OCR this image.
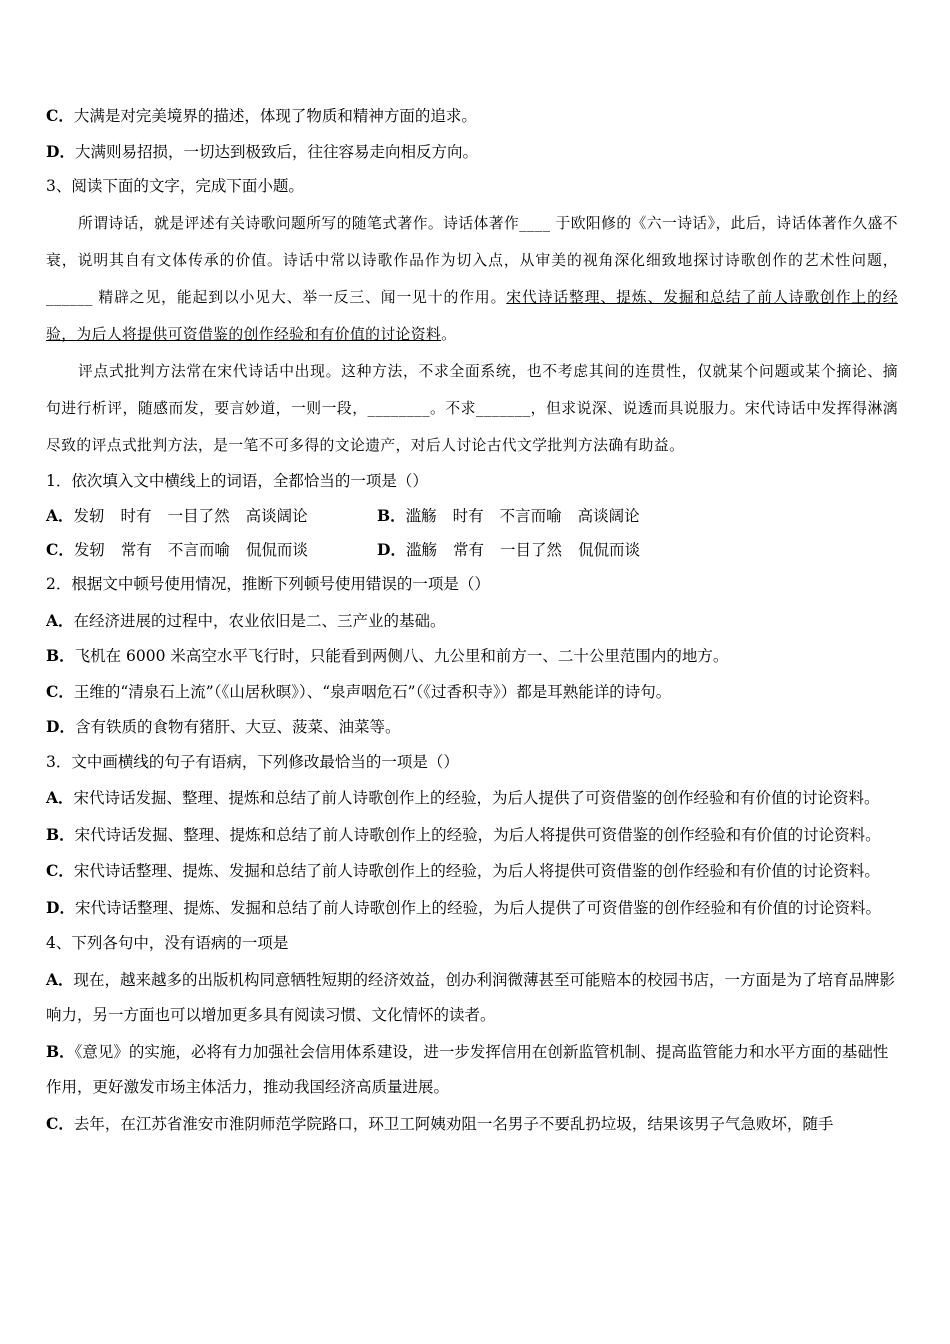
C．大满是对完美境界的描述，体现了物质和精神方面的追求。
D．大满则易招损，一切达到极致后，往往容易走向相反方向。
3、阅读下面的文字，完成下面小题。
所谓诗话，就是评述有关诗歌问题所写的随笔式著作。诗话体著作____ 于欧阳修的《六一诗话》，此后，诗话体著作久盛不衰，说明其自有文体传承的价值。诗话中常以诗歌作品作为切入点，从审美的视角深化细致地探讨诗歌创作的艺术性问题，______ 精辟之见，能起到以小见大、举一反三、闻一见十的作用。宋代诗话整理、提炼、发掘和总结了前人诗歌创作上的经验，为后人将提供可资借鉴的创作经验和有价值的讨论资料。
评点式批判方法常在宋代诗话中出现。这种方法，不求全面系统，也不考虑其间的连贯性，仅就某个问题或某个摘论、摘句进行析评，随感而发，要言妙道，一则一段，________。不求_______，但求说深、说透而具说服力。宋代诗话中发挥得淋漓尽致的评点式批判方法，是一笔不可多得的文论遗产，对后人讨论古代文学批判方法确有助益。
1．依次填入文中横线上的词语，全都恰当的一项是（）
A．发轫 时有 一目了然 高谈阔论	B．滥觞 时有 不言而喻 高谈阔论
C．发轫 常有 不言而喻 侃侃而谈	D．滥觞 常有 一目了然 侃侃而谈
2．根据文中顿号使用情况，推断下列顿号使用错误的一项是（）
A．在经济进展的过程中，农业依旧是二、三产业的基础。
B．飞机在 6000 米高空水平飞行时，只能看到两侧八、九公里和前方一、二十公里范围内的地方。
C．王维的“清泉石上流”（《山居秋暝》）、“泉声咽危石”（《过香积寺》）都是耳熟能详的诗句。
D．含有铁质的食物有猪肝、大豆、菠菜、油菜等。
3．文中画横线的句子有语病，下列修改最恰当的一项是（）
A．宋代诗话发掘、整理、提炼和总结了前人诗歌创作上的经验，为后人提供了可资借鉴的创作经验和有价值的讨论资料。
B．宋代诗话发掘、整理、提炼和总结了前人诗歌创作上的经验，为后人将提供可资借鉴的创作经验和有价值的讨论资料。
C．宋代诗话整理、提炼、发掘和总结了前人诗歌创作上的经验，为后人将提供可资借鉴的创作经验和有价值的讨论资料。
D．宋代诗话整理、提炼、发掘和总结了前人诗歌创作上的经验，为后人提供了可资借鉴的创作经验和有价值的讨论资料。
4、下列各句中，没有语病的一项是
A．现在，越来越多的出版机构同意牺牲短期的经济效益，创办利润微薄甚至可能赔本的校园书店，一方面是为了培育品牌影响力，另一方面也可以增加更多具有阅读习惯、文化情怀的读者。
B．《意见》的实施，必将有力加强社会信用体系建设，进一步发挥信用在创新监管机制、提高监管能力和水平方面的基础性作用，更好激发市场主体活力，推动我国经济高质量进展。
C．去年，在江苏省淮安市淮阴师范学院路口，环卫工阿姨劝阻一名男子不要乱扔垃圾，结果该男子气急败坏，随手
